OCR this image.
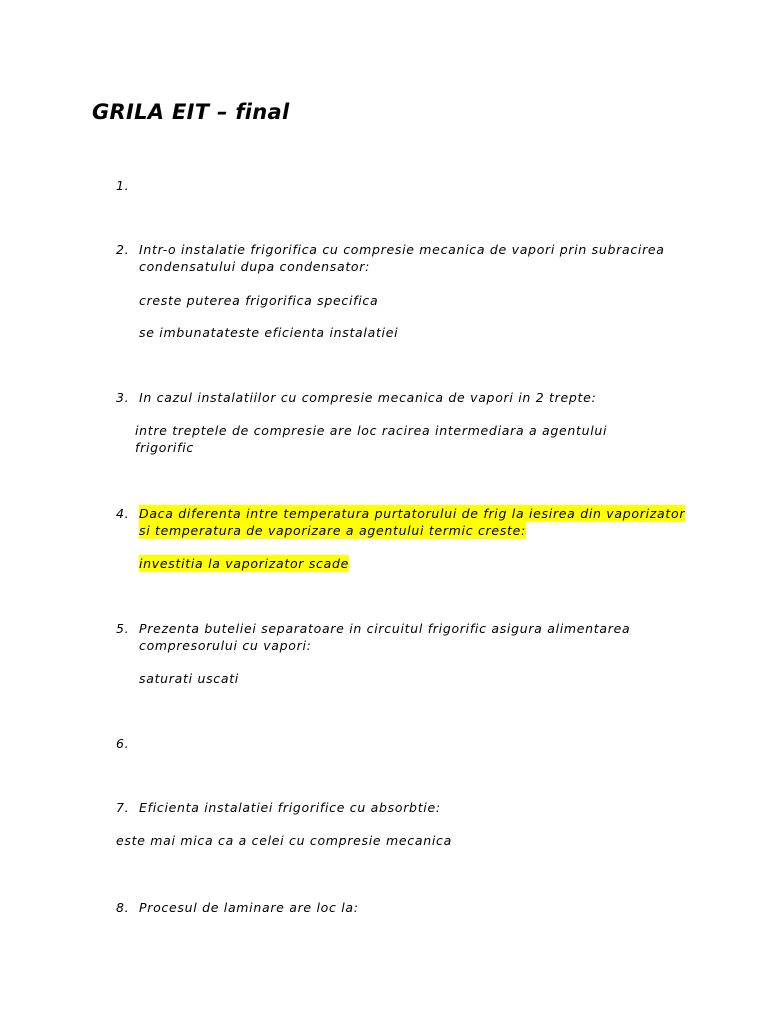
GRILA EIT – final
1.
2. Intr-o instalatie frigorifica cu compresie mecanica de vapori prin subracirea
condensatului dupa condensator:
creste puterea frigorifica specifica
se imbunatateste eficienta instalatiei
3. In cazul instalatiilor cu compresie mecanica de vapori in 2 trepte:
intre treptele de compresie are loc racirea intermediara a agentului
frigorific
4. Daca diferenta intre temperatura purtatorului de frig la iesirea din vaporizator
si temperatura de vaporizare a agentului termic creste:
investitia la vaporizator scade
5. Prezenta buteliei separatoare in circuitul frigorific asigura alimentarea
compresorului cu vapori:
saturati uscati
6.
7. Eficienta instalatiei frigorifice cu absorbtie:
este mai mica ca a celei cu compresie mecanica
8. Procesul de laminare are loc la:
